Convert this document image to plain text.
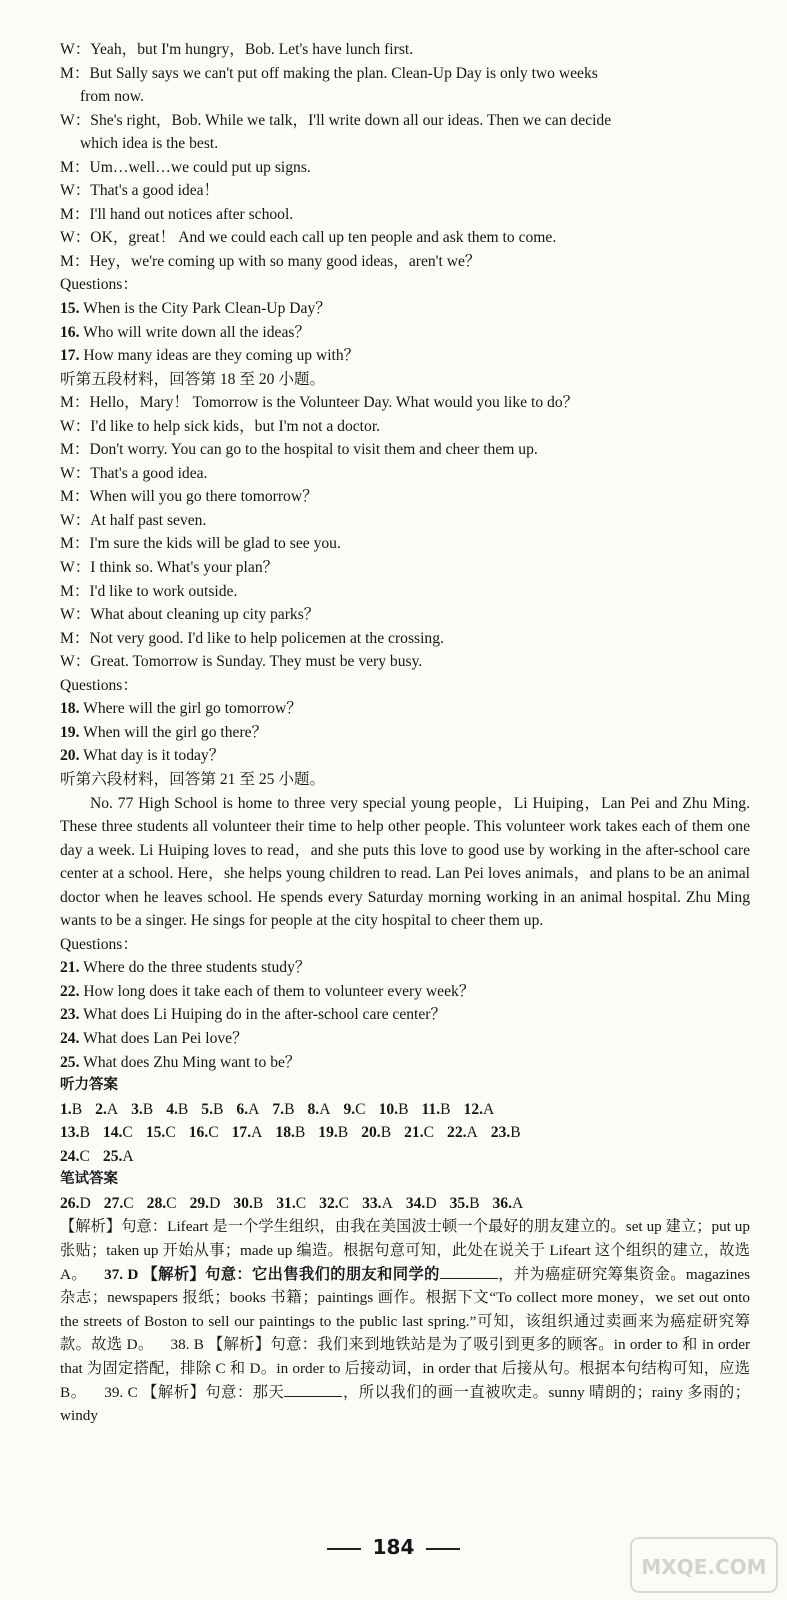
W：Yeah，but I'm hungry，Bob. Let's have lunch first.
M：But Sally says we can't put off making the plan. Clean-Up Day is only two weeks
from now.
W：She's right，Bob. While we talk，I'll write down all our ideas. Then we can decide
which idea is the best.
M：Um…well…we could put up signs.
W：That's a good idea！
M：I'll hand out notices after school.
W：OK，great！ And we could each call up ten people and ask them to come.
M：Hey，we're coming up with so many good ideas，aren't we？
Questions：
15. When is the City Park Clean-Up Day？
16. Who will write down all the ideas？
17. How many ideas are they coming up with？
听第五段材料，回答第 18 至 20 小题。
M：Hello，Mary！ Tomorrow is the Volunteer Day. What would you like to do？
W：I'd like to help sick kids，but I'm not a doctor.
M：Don't worry. You can go to the hospital to visit them and cheer them up.
W：That's a good idea.
M：When will you go there tomorrow？
W：At half past seven.
M：I'm sure the kids will be glad to see you.
W：I think so. What's your plan？
M：I'd like to work outside.
W：What about cleaning up city parks？
M：Not very good. I'd like to help policemen at the crossing.
W：Great. Tomorrow is Sunday. They must be very busy.
Questions：
18. Where will the girl go tomorrow？
19. When will the girl go there？
20. What day is it today？
听第六段材料，回答第 21 至 25 小题。
No. 77 High School is home to three very special young people，Li Huiping，Lan Pei and Zhu Ming. These three students all volunteer their time to help other people. This volunteer work takes each of them one day a week. Li Huiping loves to read，and she puts this love to good use by working in the after-school care center at a school. Here，she helps young children to read. Lan Pei loves animals，and plans to be an animal doctor when he leaves school. He spends every Saturday morning working in an animal hospital. Zhu Ming wants to be a singer. He sings for people at the city hospital to cheer them up.
Questions：
21. Where do the three students study？
22. How long does it take each of them to volunteer every week？
23. What does Li Huiping do in the after-school care center？
24. What does Lan Pei love？
25. What does Zhu Ming want to be？
听力答案
1.B 2.A 3.B 4.B 5.B 6.A 7.B 8.A 9.C 10.B 11.B 12.A
13.B 14.C 15.C 16.C 17.A 18.B 19.B 20.B 21.C 22.A 23.B
24.C 25.A
笔试答案
26.D 27.C 28.C 29.D 30.B 31.C 32.C 33.A 34.D 35.B 36.A
【解析】句意：Lifeart 是一个学生组织，由我在美国波士顿一个最好的朋友建立的。set up 建立；put up 张贴；taken up 开始从事；made up 编造。根据句意可知，此处在说关于 Lifeart 这个组织的建立，故选 A。 37. D 【解析】句意：它出售我们的朋友和同学的	，并为癌症研究筹集资金。magazines 杂志；newspapers 报纸；books 书籍；paintings 画作。根据下文“To collect more money，we set out onto the streets of Boston to sell our paintings to the public last spring.”可知，该组织通过卖画来为癌症研究筹款。故选 D。 38. B 【解析】句意：我们来到地铁站是为了吸引到更多的顾客。in order to 和 in order that 为固定搭配，排除 C 和 D。in order to 后接动词，in order that 后接从句。根据本句结构可知，应选 B。 39. C 【解析】句意：那天	，所以我们的画一直被吹走。sunny 晴朗的；rainy 多雨的；windy
184
MXQE.COM
